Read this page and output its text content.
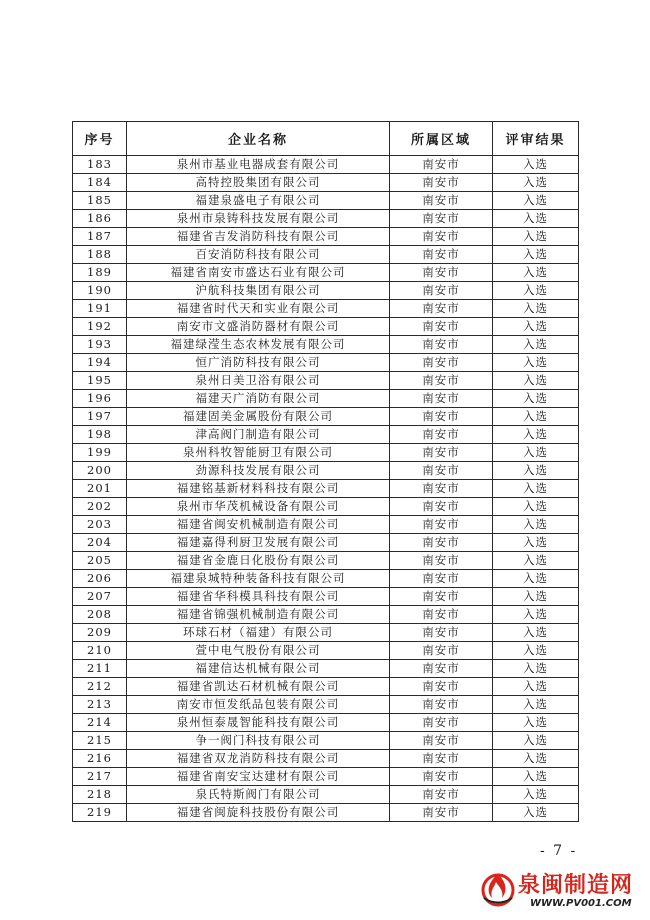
序号	企业名称	所属区域	评审结果
183	泉州市基业电器成套有限公司	南安市	入选
184	高特控股集团有限公司	南安市	入选
185	福建泉盛电子有限公司	南安市	入选
186	泉州市泉铸科技发展有限公司	南安市	入选
187	福建省吉发消防科技有限公司	南安市	入选
188	百安消防科技有限公司	南安市	入选
189	福建省南安市盛达石业有限公司	南安市	入选
190	沪航科技集团有限公司	南安市	入选
191	福建省时代天和实业有限公司	南安市	入选
192	南安市文盛消防器材有限公司	南安市	入选
193	福建绿滢生态农林发展有限公司	南安市	入选
194	恒广消防科技有限公司	南安市	入选
195	泉州日美卫浴有限公司	南安市	入选
196	福建天广消防有限公司	南安市	入选
197	福建固美金属股份有限公司	南安市	入选
198	津高阀门制造有限公司	南安市	入选
199	泉州科牧智能厨卫有限公司	南安市	入选
200	劲源科技发展有限公司	南安市	入选
201	福建铭基新材料科技有限公司	南安市	入选
202	泉州市华茂机械设备有限公司	南安市	入选
203	福建省闽安机械制造有限公司	南安市	入选
204	福建嘉得利厨卫发展有限公司	南安市	入选
205	福建省金鹿日化股份有限公司	南安市	入选
206	福建泉城特种装备科技有限公司	南安市	入选
207	福建省华科模具科技有限公司	南安市	入选
208	福建省锦强机械制造有限公司	南安市	入选
209	环球石材（福建）有限公司	南安市	入选
210	萱中电气股份有限公司	南安市	入选
211	福建信达机械有限公司	南安市	入选
212	福建省凯达石材机械有限公司	南安市	入选
213	南安市恒发纸品包装有限公司	南安市	入选
214	泉州恒泰晟智能科技有限公司	南安市	入选
215	争一阀门科技有限公司	南安市	入选
216	福建省双龙消防科技有限公司	南安市	入选
217	福建省南安宝达建材有限公司	南安市	入选
218	泉氏特斯阀门有限公司	南安市	入选
219	福建省闽旋科技股份有限公司	南安市	入选
- 7 -
泉闽制造网
WWW.PV001.COM
